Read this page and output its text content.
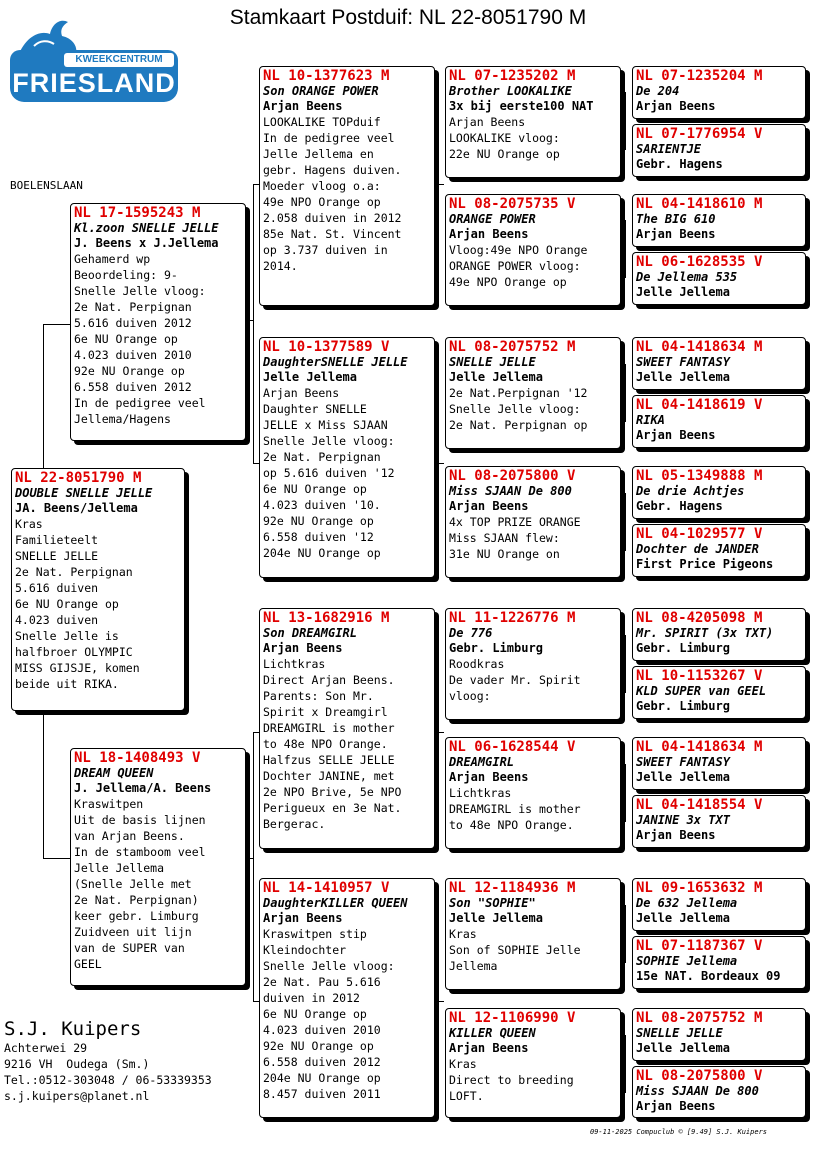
Stamkaart Postduif: NL 22-8051790 M
KWEEKCENTRUM
FRIESLAND
BOELENSLAAN
NL 22-8051790 M
DOUBLE SNELLE JELLE
JA. Beens/Jellema
Kras
Familieteelt
SNELLE JELLE
2e Nat. Perpignan
5.616 duiven
6e NU Orange op
4.023 duiven
Snelle Jelle is
halfbroer OLYMPIC
MISS GIJSJE, komen
beide uit RIKA.
NL 17-1595243 M
Kl.zoon SNELLE JELLE
J. Beens x J.Jellema
Gehamerd wp
Beoordeling: 9-
Snelle Jelle vloog:
2e Nat. Perpignan
5.616 duiven 2012
6e NU Orange op
4.023 duiven 2010
92e NU Orange op
6.558 duiven 2012
In de pedigree veel
Jellema/Hagens
NL 18-1408493 V
DREAM QUEEN
J. Jellema/A. Beens
Kraswitpen
Uit de basis lijnen
van Arjan Beens.
In de stamboom veel
Jelle Jellema
(Snelle Jelle met
2e Nat. Perpignan)
keer gebr. Limburg
Zuidveen uit lijn
van de SUPER van
GEEL
NL 10-1377623 M
Son ORANGE POWER
Arjan Beens
LOOKALIKE TOPduif
In de pedigree veel
Jelle Jellema en
gebr. Hagens duiven.
Moeder vloog o.a:
49e NPO Orange op
2.058 duiven in 2012
85e Nat. St. Vincent
op 3.737 duiven in
2014.
NL 10-1377589 V
DaughterSNELLE JELLE
Jelle Jellema
Arjan Beens
Daughter SNELLE
JELLE x Miss SJAAN
Snelle Jelle vloog:
2e Nat. Perpignan
op 5.616 duiven '12
6e NU Orange op
4.023 duiven '10.
92e NU Orange op
6.558 duiven '12
204e NU Orange op
NL 13-1682916 M
Son DREAMGIRL
Arjan Beens
Lichtkras
Direct Arjan Beens.
Parents: Son Mr.
Spirit x Dreamgirl
DREAMGIRL is mother
to 48e NPO Orange.
Halfzus SELLE JELLE
Dochter JANINE, met
2e NPO Brive, 5e NPO
Perigueux en 3e Nat.
Bergerac.
NL 14-1410957 V
DaughterKILLER QUEEN
Arjan Beens
Kraswitpen stip
Kleindochter
Snelle Jelle vloog:
2e Nat. Pau 5.616
duiven in 2012
6e NU Orange op
4.023 duiven 2010
92e NU Orange op
6.558 duiven 2012
204e NU Orange op
8.457 duiven 2011
NL 07-1235202 M
Brother LOOKALIKE
3x bij eerste100 NAT
Arjan Beens
LOOKALIKE vloog:
22e NU Orange op
NL 08-2075735 V
ORANGE POWER
Arjan Beens
Vloog:49e NPO Orange
ORANGE POWER vloog:
49e NPO Orange op
NL 08-2075752 M
SNELLE JELLE
Jelle Jellema
2e Nat.Perpignan '12
Snelle Jelle vloog:
2e Nat. Perpignan op
NL 08-2075800 V
Miss SJAAN De 800
Arjan Beens
4x TOP PRIZE ORANGE
Miss SJAAN flew:
31e NU Orange on
NL 11-1226776 M
De 776
Gebr. Limburg
Roodkras
De vader Mr. Spirit
vloog:
NL 06-1628544 V
DREAMGIRL
Arjan Beens
Lichtkras
DREAMGIRL is mother
to 48e NPO Orange.
NL 12-1184936 M
Son "SOPHIE"
Jelle Jellema
Kras
Son of SOPHIE Jelle
Jellema
NL 12-1106990 V
KILLER QUEEN
Arjan Beens
Kras
Direct to breeding
LOFT.
NL 07-1235204 M
De 204
Arjan Beens
NL 07-1776954 V
SARIENTJE
Gebr. Hagens
NL 04-1418610 M
The BIG 610
Arjan Beens
NL 06-1628535 V
De Jellema 535
Jelle Jellema
NL 04-1418634 M
SWEET FANTASY
Jelle Jellema
NL 04-1418619 V
RIKA
Arjan Beens
NL 05-1349888 M
De drie Achtjes
Gebr. Hagens
NL 04-1029577 V
Dochter de JANDER
First Price Pigeons
NL 08-4205098 M
Mr. SPIRIT (3x TXT)
Gebr. Limburg
NL 10-1153267 V
KLD SUPER van GEEL
Gebr. Limburg
NL 04-1418634 M
SWEET FANTASY
Jelle Jellema
NL 04-1418554 V
JANINE 3x TXT
Arjan Beens
NL 09-1653632 M
De 632 Jellema
Jelle Jellema
NL 07-1187367 V
SOPHIE Jellema
15e NAT. Bordeaux 09
NL 08-2075752 M
SNELLE JELLE
Jelle Jellema
NL 08-2075800 V
Miss SJAAN De 800
Arjan Beens
S.J. Kuipers
Achterwei 29
9216 VH  Oudega (Sm.)
Tel.:0512-303048 / 06-53339353
s.j.kuipers@planet.nl
09-11-2025 Compuclub © [9.49] S.J. Kuipers
